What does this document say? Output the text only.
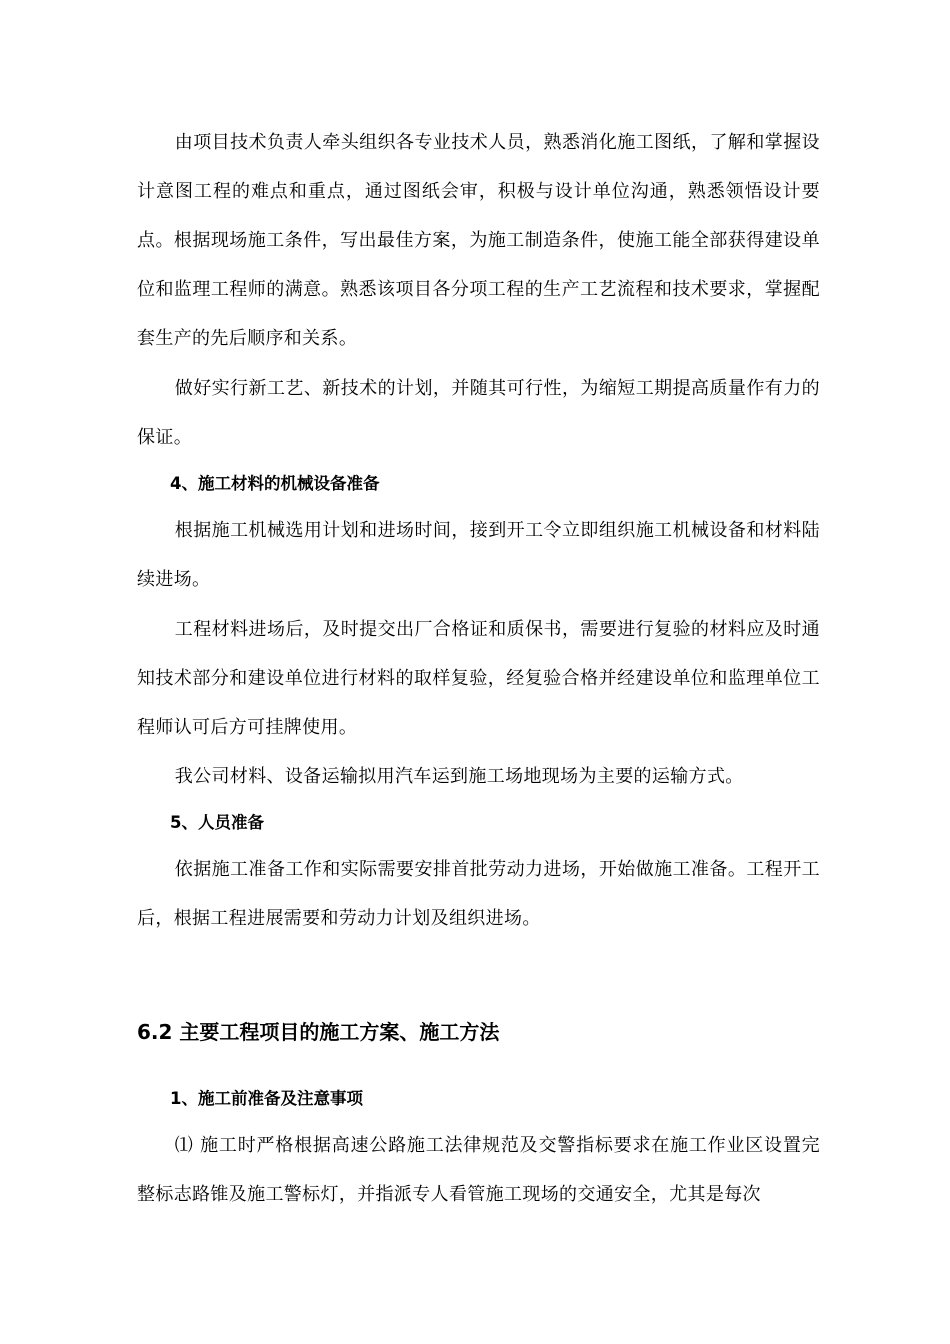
由项目技术负责人牵头组织各专业技术人员，熟悉消化施工图纸，了解和掌握设计意图工程的难点和重点，通过图纸会审，积极与设计单位沟通，熟悉领悟设计要点。根据现场施工条件，写出最佳方案，为施工制造条件，使施工能全部获得建设单位和监理工程师的满意。熟悉该项目各分项工程的生产工艺流程和技术要求，掌握配套生产的先后顺序和关系。

做好实行新工艺、新技术的计划，并随其可行性，为缩短工期提高质量作有力的保证。

4、施工材料的机械设备准备

根据施工机械选用计划和进场时间，接到开工令立即组织施工机械设备和材料陆续进场。

工程材料进场后，及时提交出厂合格证和质保书，需要进行复验的材料应及时通知技术部分和建设单位进行材料的取样复验，经复验合格并经建设单位和监理单位工程师认可后方可挂牌使用。

我公司材料、设备运输拟用汽车运到施工场地现场为主要的运输方式。

5、人员准备

依据施工准备工作和实际需要安排首批劳动力进场，开始做施工准备。工程开工后，根据工程进展需要和劳动力计划及组织进场。

6.2 主要工程项目的施工方案、施工方法
1、施工前准备及注意事项

⑴ 施工时严格根据高速公路施工法律规范及交警指标要求在施工作业区设置完整标志路锥及施工警标灯，并指派专人看管施工现场的交通安全，尤其是每次
